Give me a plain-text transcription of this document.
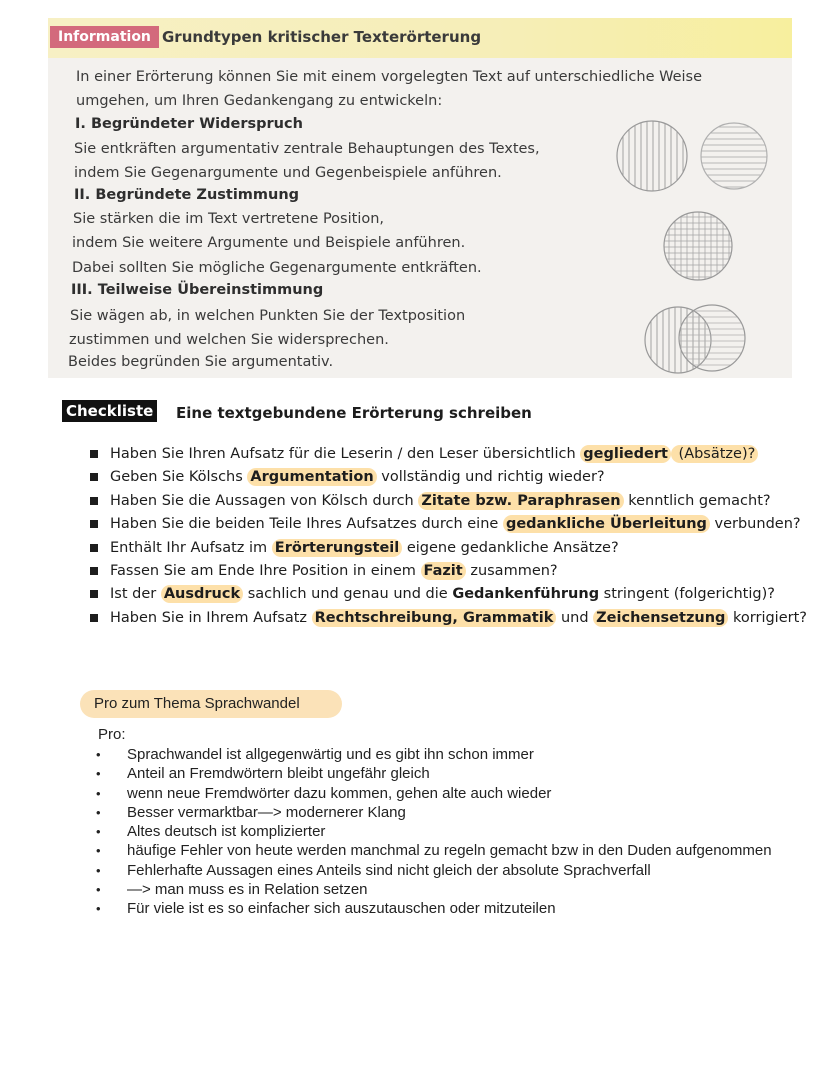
Information Grundtypen kritischer Texterörterung
In einer Erörterung können Sie mit einem vorgelegten Text auf unterschiedliche Weise
umgehen, um Ihren Gedankengang zu entwickeln:
I. Begründeter Widerspruch
Sie entkräften argumentativ zentrale Behauptungen des Textes,
indem Sie Gegenargumente und Gegenbeispiele anführen.
II. Begründete Zustimmung
Sie stärken die im Text vertretene Position,
indem Sie weitere Argumente und Beispiele anführen.
Dabei sollten Sie mögliche Gegenargumente entkräften.
III. Teilweise Übereinstimmung
Sie wägen ab, in welchen Punkten Sie der Textposition
zustimmen und welchen Sie widersprechen.
Beides begründen Sie argumentativ.
Checkliste Eine textgebundene Erörterung schreiben
Haben Sie Ihren Aufsatz für die Leserin / den Leser übersichtlich gegliedert (Absätze)?
Geben Sie Kölschs Argumentation vollständig und richtig wieder?
Haben Sie die Aussagen von Kölsch durch Zitate bzw. Paraphrasen kenntlich gemacht?
Haben Sie die beiden Teile Ihres Aufsatzes durch eine gedankliche Überleitung verbunden?
Enthält Ihr Aufsatz im Erörterungsteil eigene gedankliche Ansätze?
Fassen Sie am Ende Ihre Position in einem Fazit zusammen?
Ist der Ausdruck sachlich und genau und die Gedankenführung stringent (folgerichtig)?
Haben Sie in Ihrem Aufsatz Rechtschreibung, Grammatik und Zeichensetzung korrigiert?
Pro zum Thema Sprachwandel
Pro:
• Sprachwandel ist allgegenwärtig und es gibt ihn schon immer
• Anteil an Fremdwörtern bleibt ungefähr gleich
• wenn neue Fremdwörter dazu kommen, gehen alte auch wieder
• Besser vermarktbar—> modernerer Klang
• Altes deutsch ist komplizierter
• häufige Fehler von heute werden manchmal zu regeln gemacht bzw in den Duden aufgenommen
• Fehlerhafte Aussagen eines Anteils sind nicht gleich der absolute Sprachverfall
• —> man muss es in Relation setzen
• Für viele ist es so einfacher sich auszutauschen oder mitzuteilen
